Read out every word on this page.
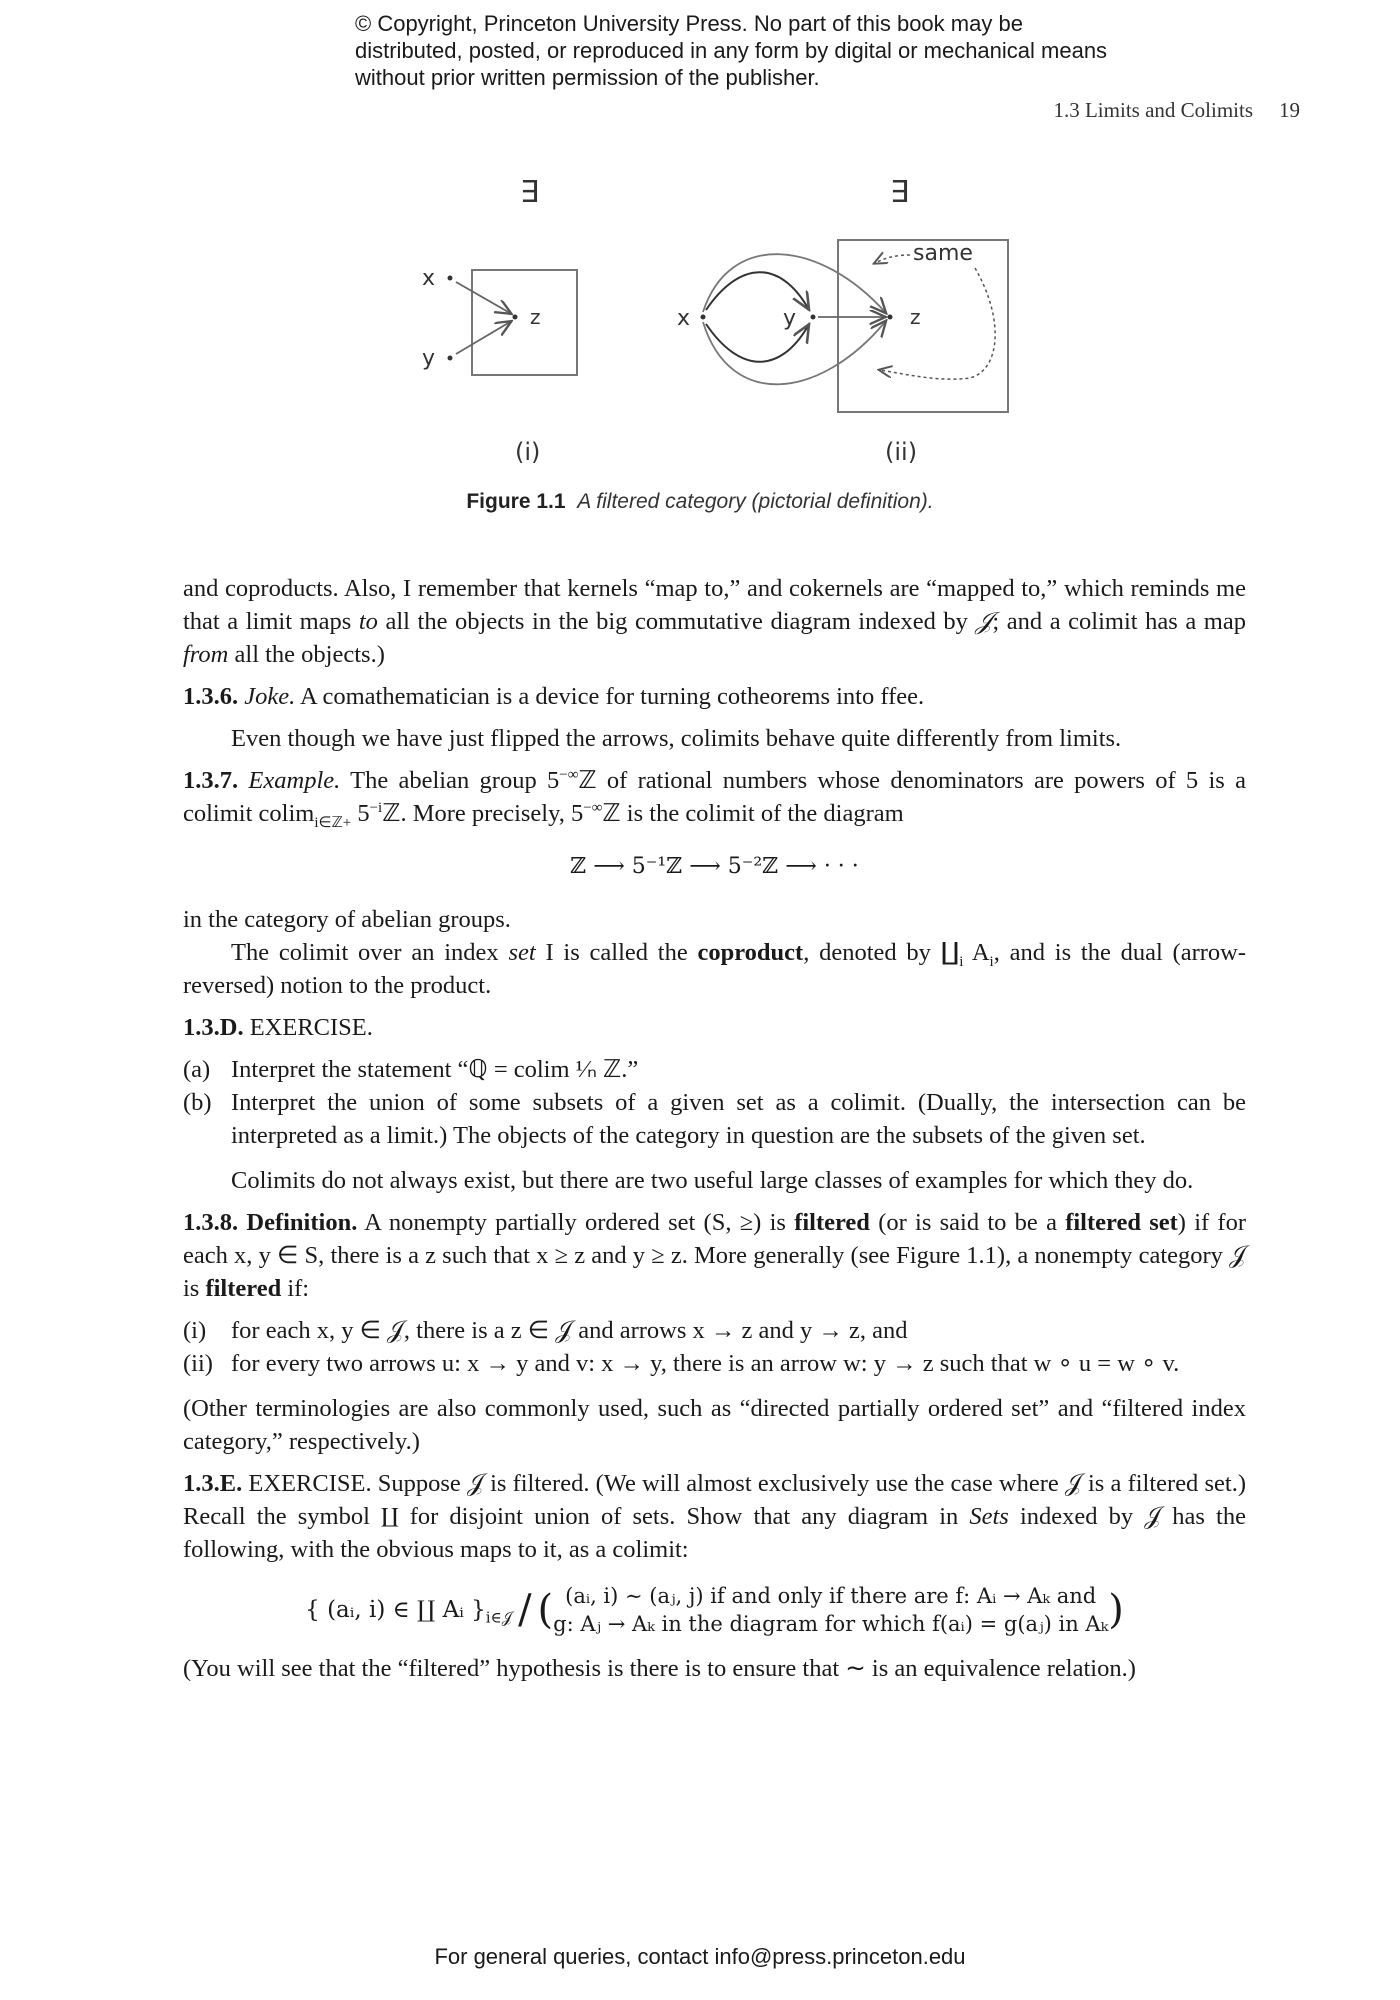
© Copyright, Princeton University Press. No part of this book may be distributed, posted, or reproduced in any form by digital or mechanical means without prior written permission of the publisher.
1.3 Limits and Colimits 19
∃
x
y
z
(i)
∃
x	y	z
same
(ii)
Figure 1.1 A filtered category (pictorial definition).

and coproducts. Also, I remember that kernels “map to,” and cokernels are “mapped to,” which reminds me that a limit maps to all the objects in the big commutative diagram indexed by 𝒥; and a colimit has a map from all the objects.)

1.3.6. Joke. A comathematician is a device for turning cotheorems into ffee.

Even though we have just flipped the arrows, colimits behave quite differently from limits.

1.3.7. Example. The abelian group 5−∞ℤ of rational numbers whose denominators are powers of 5 is a colimit colim$_{i\in ℤ+}$ $5^{-i}ℤ$. More precisely, 5−∞ℤ is the colimit of the diagram

ℤ ⟶ 5⁻¹ℤ ⟶ 5⁻²ℤ ⟶ · · ·

in the category of abelian groups.

The colimit over an index set I is called the coproduct, denoted by $∐_i$ $A_i$, and is the dual (arrow-reversed) notion to the product.

1.3.D. EXERCISE.

(a) Interpret the statement “ℚ = colim ¹⁄ₙ ℤ.”
(b) Interpret the union of some subsets of a given set as a colimit. (Dually, the intersection can be interpreted as a limit.) The objects of the category in question are the subsets of the given set.

Colimits do not always exist, but there are two useful large classes of examples for which they do.

1.3.8. Definition. A nonempty partially ordered set (S, ≥) is filtered (or is said to be a filtered set) if for each x, y ∈ S, there is a z such that x ≥ z and y ≥ z. More generally (see Figure 1.1), a nonempty category 𝒥 is filtered if:

(i)	for each x, y ∈ 𝒥, there is a z ∈ 𝒥 and arrows x → z and y → z, and
(ii) for every two arrows u: x → y and v: x → y, there is an arrow w: y → z such that w ∘ u = w ∘ v.

(Other terminologies are also commonly used, such as “directed partially ordered set” and “filtered index category,” respectively.)

1.3.E. EXERCISE. Suppose 𝒥 is filtered. (We will almost exclusively use the case where 𝒥 is a filtered set.) Recall the symbol ∐ for disjoint union of sets. Show that any diagram in Sets indexed by 𝒥 has the following, with the obvious maps to it, as a colimit:

{ (aᵢ, i) ∈ ∐ Aᵢ }$_{i\in 𝒥}$ / ( (aᵢ, i) ∼ (aⱼ, j) if and only if there are f: Aᵢ → Aₖ and
g: Aⱼ → Aₖ in the diagram for which f(aᵢ) = g(aⱼ) in Aₖ )

(You will see that the “filtered” hypothesis is there is to ensure that ∼ is an equivalence relation.)

For general queries, contact info@press.princeton.edu
